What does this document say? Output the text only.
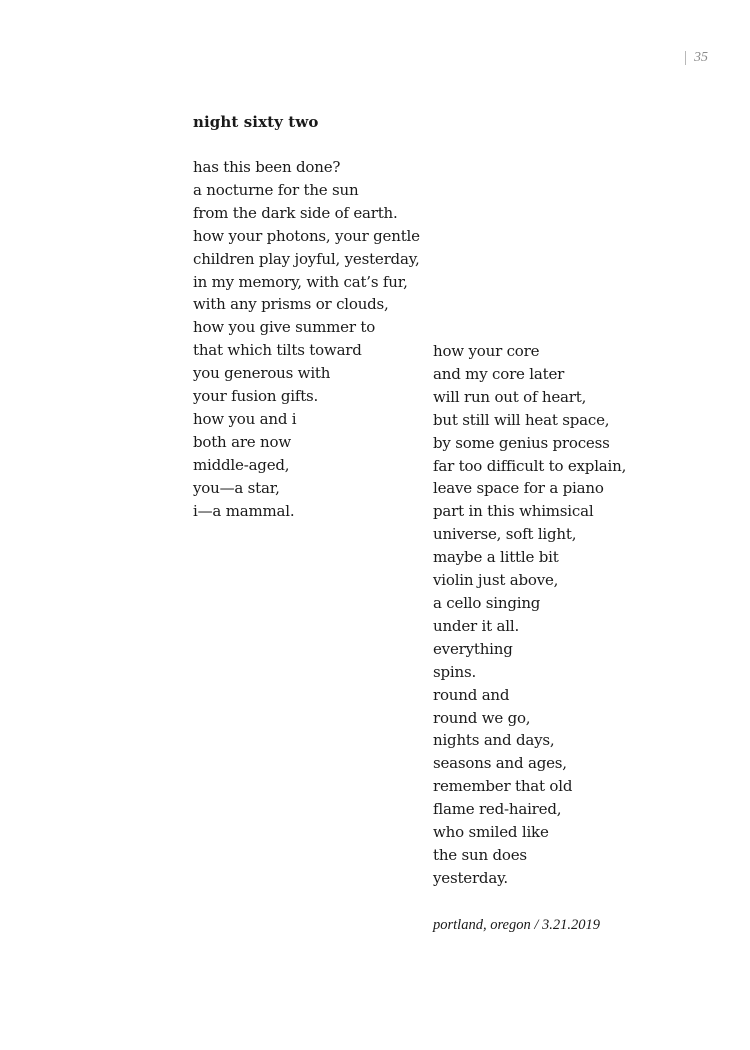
35
night sixty two
has this been done?
a nocturne for the sun
from the dark side of earth.
how your photons, your gentle
children play joyful, yesterday,
in my memory, with cat’s fur,
with any prisms or clouds,
how you give summer to
that which tilts toward
you generous with
your fusion gifts.
how you and i
both are now
middle-aged,
you—a star,
i—a mammal.
how your core
and my core later
will run out of heart,
but still will heat space,
by some genius process
far too difficult to explain,
leave space for a piano
part in this whimsical
universe, soft light,
maybe a little bit
violin just above,
a cello singing
under it all.
everything
spins.
round and
round we go,
nights and days,
seasons and ages,
remember that old
flame red-haired,
who smiled like
the sun does
yesterday.

portland, oregon / 3.21.2019
